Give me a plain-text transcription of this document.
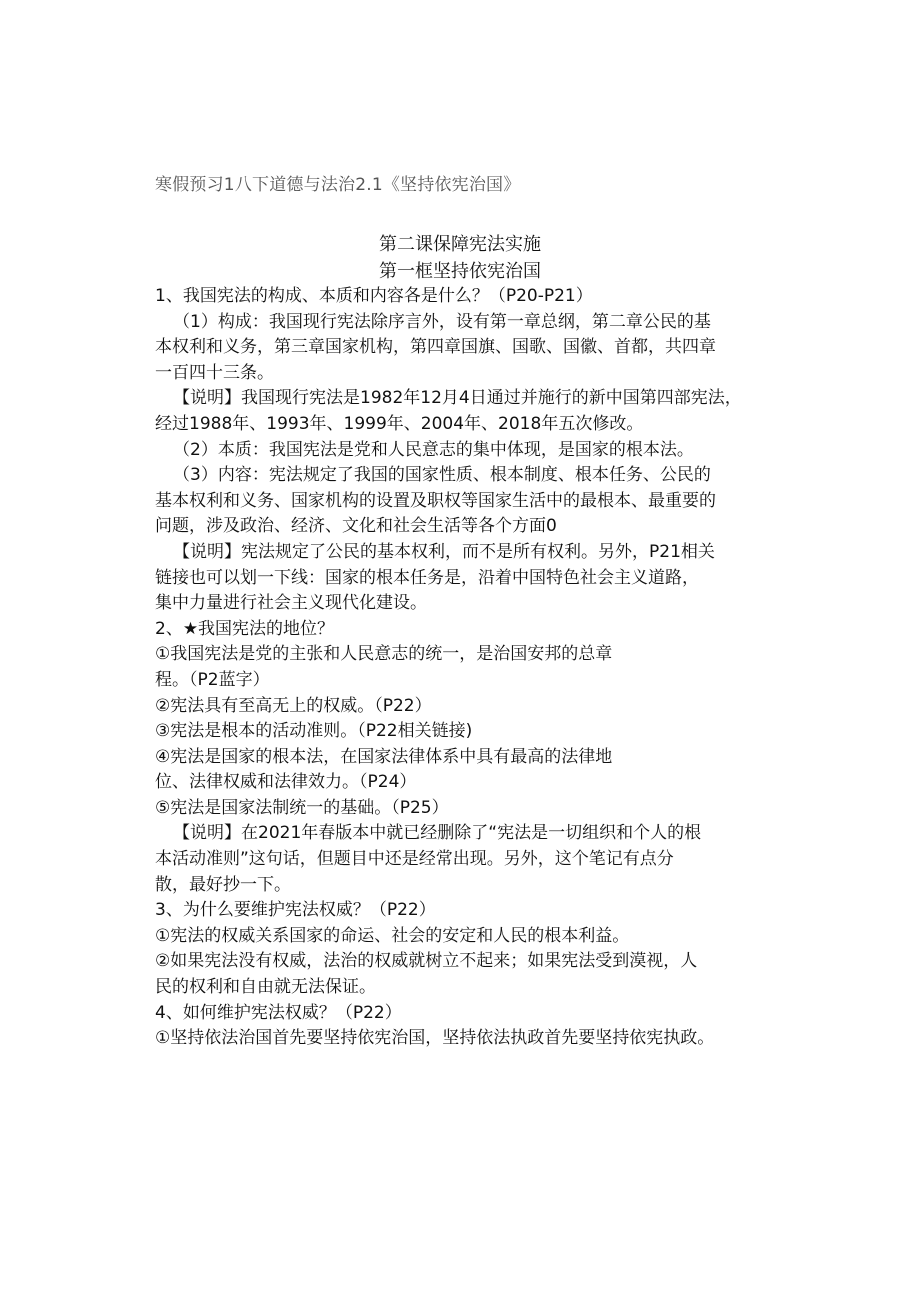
寒假预习1八下道德与法治2.1《坚持依宪治国》
第二课保障宪法实施
第一框坚持依宪治国

1、我国宪法的构成、本质和内容各是什么？（P20-P21）

（1）构成：我国现行宪法除序言外，设有第一章总纲，第二章公民的基

本权利和义务，第三章国家机构，第四章国旗、国歌、国徽、首都，共四章

一百四十三条。

【说明】我国现行宪法是1982年12月4日通过并施行的新中国第四部宪法，

经过1988年、1993年、1999年、2004年、2018年五次修改。

（2）本质：我国宪法是党和人民意志的集中体现，是国家的根本法。

（3）内容：宪法规定了我国的国家性质、根本制度、根本任务、公民的

基本权利和义务、国家机构的设置及职权等国家生活中的最根本、最重要的

问题，涉及政治、经济、文化和社会生活等各个方面0

【说明】宪法规定了公民的基本权利，而不是所有权利。另外，P21相关

链接也可以划一下线：国家的根本任务是，沿着中国特色社会主义道路，

集中力量进行社会主义现代化建设。

2、★我国宪法的地位？

①我国宪法是党的主张和人民意志的统一，是治国安邦的总章

程。（P2蓝字）

②宪法具有至高无上的权威。（P22）

③宪法是根本的活动准则。（P22相关链接)

④宪法是国家的根本法，在国家法律体系中具有最高的法律地

位、法律权威和法律效力。（P24）

⑤宪法是国家法制统一的基础。（P25）

【说明】在2021年春版本中就已经删除了“宪法是一切组织和个人的根

本活动准则”这句话，但题目中还是经常出现。另外，这个笔记有点分

散，最好抄一下。

3、为什么要维护宪法权威？（P22）

①宪法的权威关系国家的命运、社会的安定和人民的根本利益。

②如果宪法没有权威，法治的权威就树立不起来；如果宪法受到漠视，人

民的权利和自由就无法保证。

4、如何维护宪法权威？（P22）

①坚持依法治国首先要坚持依宪治国，坚持依法执政首先要坚持依宪执政。
